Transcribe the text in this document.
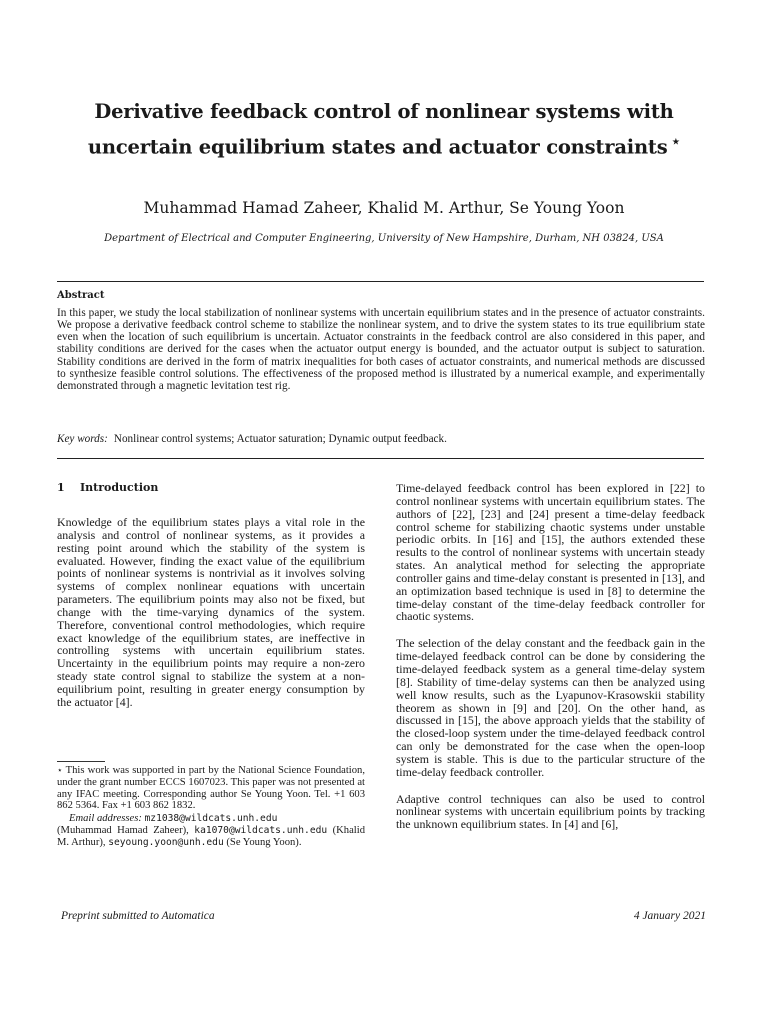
Derivative feedback control of nonlinear systems with
uncertain equilibrium states and actuator constraints ⋆
Muhammad Hamad Zaheer, Khalid M. Arthur, Se Young Yoon
Department of Electrical and Computer Engineering, University of New Hampshire, Durham, NH 03824, USA
Abstract
In this paper, we study the local stabilization of nonlinear systems with uncertain equilibrium states and in the presence of actuator constraints. We propose a derivative feedback control scheme to stabilize the nonlinear system, and to drive the system states to its true equilibrium state even when the location of such equilibrium is uncertain. Actuator constraints in the feedback control are also considered in this paper, and stability conditions are derived for the cases when the actuator output energy is bounded, and the actuator output is subject to saturation. Stability conditions are derived in the form of matrix inequalities for both cases of actuator constraints, and numerical methods are discussed to synthesize feasible control solutions. The effectiveness of the proposed method is illustrated by a numerical example, and experimentally demonstrated through a magnetic levitation test rig.
Key words: Nonlinear control systems; Actuator saturation; Dynamic output feedback.
1 Introduction

Knowledge of the equilibrium states plays a vital role in the analysis and control of nonlinear systems, as it provides a resting point around which the stability of the system is evaluated. However, finding the exact value of the equilibrium points of nonlinear systems is nontrivial as it involves solving systems of complex nonlinear equations with uncertain parameters. The equilibrium points may also not be fixed, but change with the time-varying dynamics of the system. Therefore, conventional control methodologies, which require exact knowledge of the equilibrium states, are ineffective in controlling systems with uncertain equilibrium states. Uncertainty in the equilibrium points may require a non-zero steady state control signal to stabilize the system at a non-equilibrium point, resulting in greater energy consumption by the actuator [4].

⋆ This work was supported in part by the National Science Foundation, under the grant number ECCS 1607023. This paper was not presented at any IFAC meeting. Corresponding author Se Young Yoon. Tel. +1 603 862 5364. Fax +1 603 862 1832.
Email addresses: mz1038@wildcats.unh.edu
(Muhammad Hamad Zaheer), ka1070@wildcats.unh.edu (Khalid M. Arthur), seyoung.yoon@unh.edu (Se Young Yoon).

Time-delayed feedback control has been explored in [22] to control nonlinear systems with uncertain equilibrium states. The authors of [22], [23] and [24] present a time-delay feedback control scheme for stabilizing chaotic systems under unstable periodic orbits. In [16] and [15], the authors extended these results to the control of nonlinear systems with uncertain steady states. An analytical method for selecting the appropriate controller gains and time-delay constant is presented in [13], and an optimization based technique is used in [8] to determine the time-delay constant of the time-delay feedback controller for chaotic systems.

The selection of the delay constant and the feedback gain in the time-delayed feedback control can be done by considering the time-delayed feedback system as a general time-delay system [8]. Stability of time-delay systems can then be analyzed using well know results, such as the Lyapunov-Krasowskii stability theorem as shown in [9] and [20]. On the other hand, as discussed in [15], the above approach yields that the stability of the closed-loop system under the time-delayed feedback control can only be demonstrated for the case when the open-loop system is stable. This is due to the particular structure of the time-delay feedback controller.

Adaptive control techniques can also be used to control nonlinear systems with uncertain equilibrium points by tracking the unknown equilibrium states. In [4] and [6],

Preprint submitted to Automatica	4 January 2021
